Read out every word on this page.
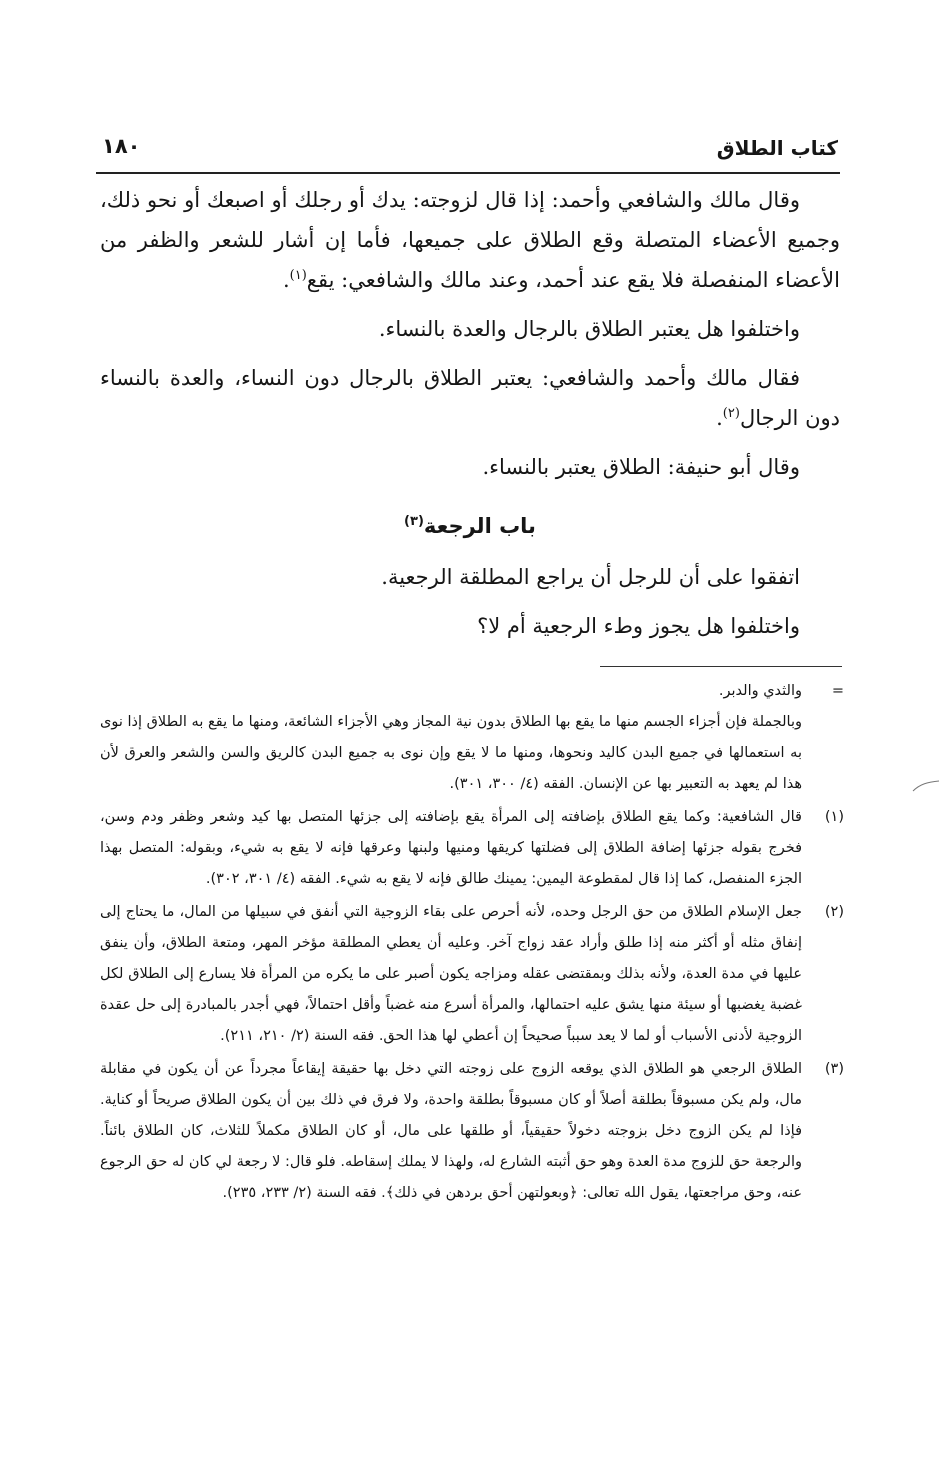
كتاب الطلاق
١٨٠

وقال مالك والشافعي وأحمد: إذا قال لزوجته: يدك أو رجلك أو اصبعك أو نحو ذلك، وجميع الأعضاء المتصلة وقع الطلاق على جميعها، فأما إن أشار للشعر والظفر من الأعضاء المنفصلة فلا يقع عند أحمد، وعند مالك والشافعي: يقع$^{(١)}$.

واختلفوا هل يعتبر الطلاق بالرجال والعدة بالنساء.

فقال مالك وأحمد والشافعي: يعتبر الطلاق بالرجال دون النساء، والعدة بالنساء دون الرجال$^{(٢)}$.

وقال أبو حنيفة: الطلاق يعتبر بالنساء.

باب الرجعة$^{(٣)}$

اتفقوا على أن للرجل أن يراجع المطلقة الرجعية.

واختلفوا هل يجوز وطء الرجعية أم لا؟

=
والثدي والدبر.
وبالجملة فإن أجزاء الجسم منها ما يقع بها الطلاق بدون نية المجاز وهي الأجزاء الشائعة، ومنها ما يقع به الطلاق إذا نوى به استعمالها في جميع البدن كاليد ونحوها، ومنها ما لا يقع وإن نوى به جميع البدن كالريق والسن والشعر والعرق لأن هذا لم يعهد به التعبير بها عن الإنسان. الفقه (٤/ ٣٠٠، ٣٠١).
(١)
قال الشافعية: وكما يقع الطلاق بإضافته إلى المرأة يقع بإضافته إلى جزئها المتصل بها كيد وشعر وظفر ودم وسن، فخرج بقوله جزئها إضافة الطلاق إلى فضلتها كريقها ومنيها ولبنها وعرقها فإنه لا يقع به شيء، وبقوله: المتصل بهذا الجزء المنفصل، كما إذا قال لمقطوعة اليمين: يمينك طالق فإنه لا يقع به شيء. الفقه (٤/ ٣٠١، ٣٠٢).
(٢)
جعل الإسلام الطلاق من حق الرجل وحده، لأنه أحرص على بقاء الزوجية التي أنفق في سبيلها من المال، ما يحتاج إلى إنفاق مثله أو أكثر منه إذا طلق وأراد عقد زواج آخر. وعليه أن يعطي المطلقة مؤخر المهر، ومتعة الطلاق، وأن ينفق عليها في مدة العدة، ولأنه بذلك وبمقتضى عقله ومزاجه يكون أصبر على ما يكره من المرأة فلا يسارع إلى الطلاق لكل غضبة يغضبها أو سيئة منها يشق عليه احتمالها، والمرأة أسرع منه غضباً وأقل احتمالاً، فهي أجدر بالمبادرة إلى حل عقدة الزوجية لأدنى الأسباب أو لما لا يعد سبباً صحيحاً إن أعطي لها هذا الحق. فقه السنة (٢/ ٢١٠، ٢١١).
(٣)
الطلاق الرجعي هو الطلاق الذي يوقعه الزوج على زوجته التي دخل بها حقيقة إيقاعاً مجرداً عن أن يكون في مقابلة مال، ولم يكن مسبوقاً بطلقة أصلاً أو كان مسبوقاً بطلقة واحدة، ولا فرق في ذلك بين أن يكون الطلاق صريحاً أو كناية. فإذا لم يكن الزوج دخل بزوجته دخولاً حقيقياً، أو طلقها على مال، أو كان الطلاق مكملاً للثلاث، كان الطلاق بائناً. والرجعة حق للزوج مدة العدة وهو حق أثبته الشارع له، ولهذا لا يملك إسقاطه. فلو قال: لا رجعة لي كان له حق الرجوع عنه، وحق مراجعتها، يقول الله تعالى: ﴿وبعولتهن أحق بردهن في ذلك﴾. فقه السنة (٢/ ٢٣٣، ٢٣٥).
